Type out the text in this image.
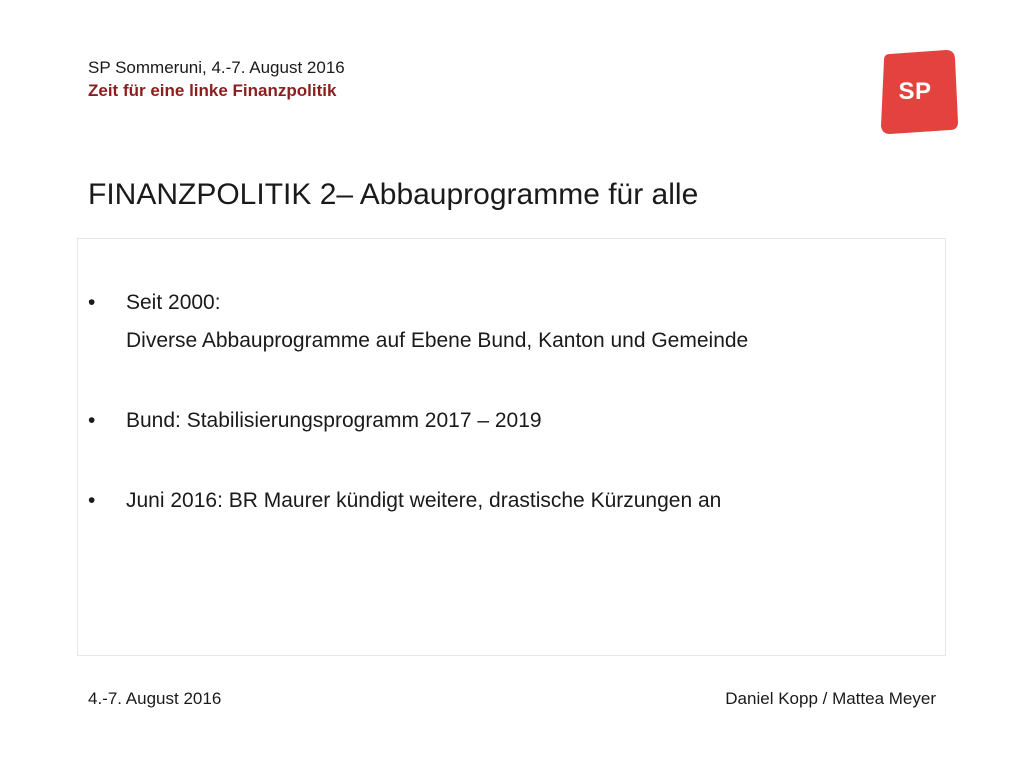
SP Sommeruni, 4.-7. August 2016
Zeit für eine linke Finanzpolitik	SP
FINANZPOLITIK 2– Abbauprogramme für alle
• Seit 2000:
Diverse Abbauprogramme auf Ebene Bund, Kanton und Gemeinde
• Bund: Stabilisierungsprogramm 2017 – 2019
• Juni 2016: BR Maurer kündigt weitere, drastische Kürzungen an
4.-7. August 2016	Daniel Kopp / Mattea Meyer
